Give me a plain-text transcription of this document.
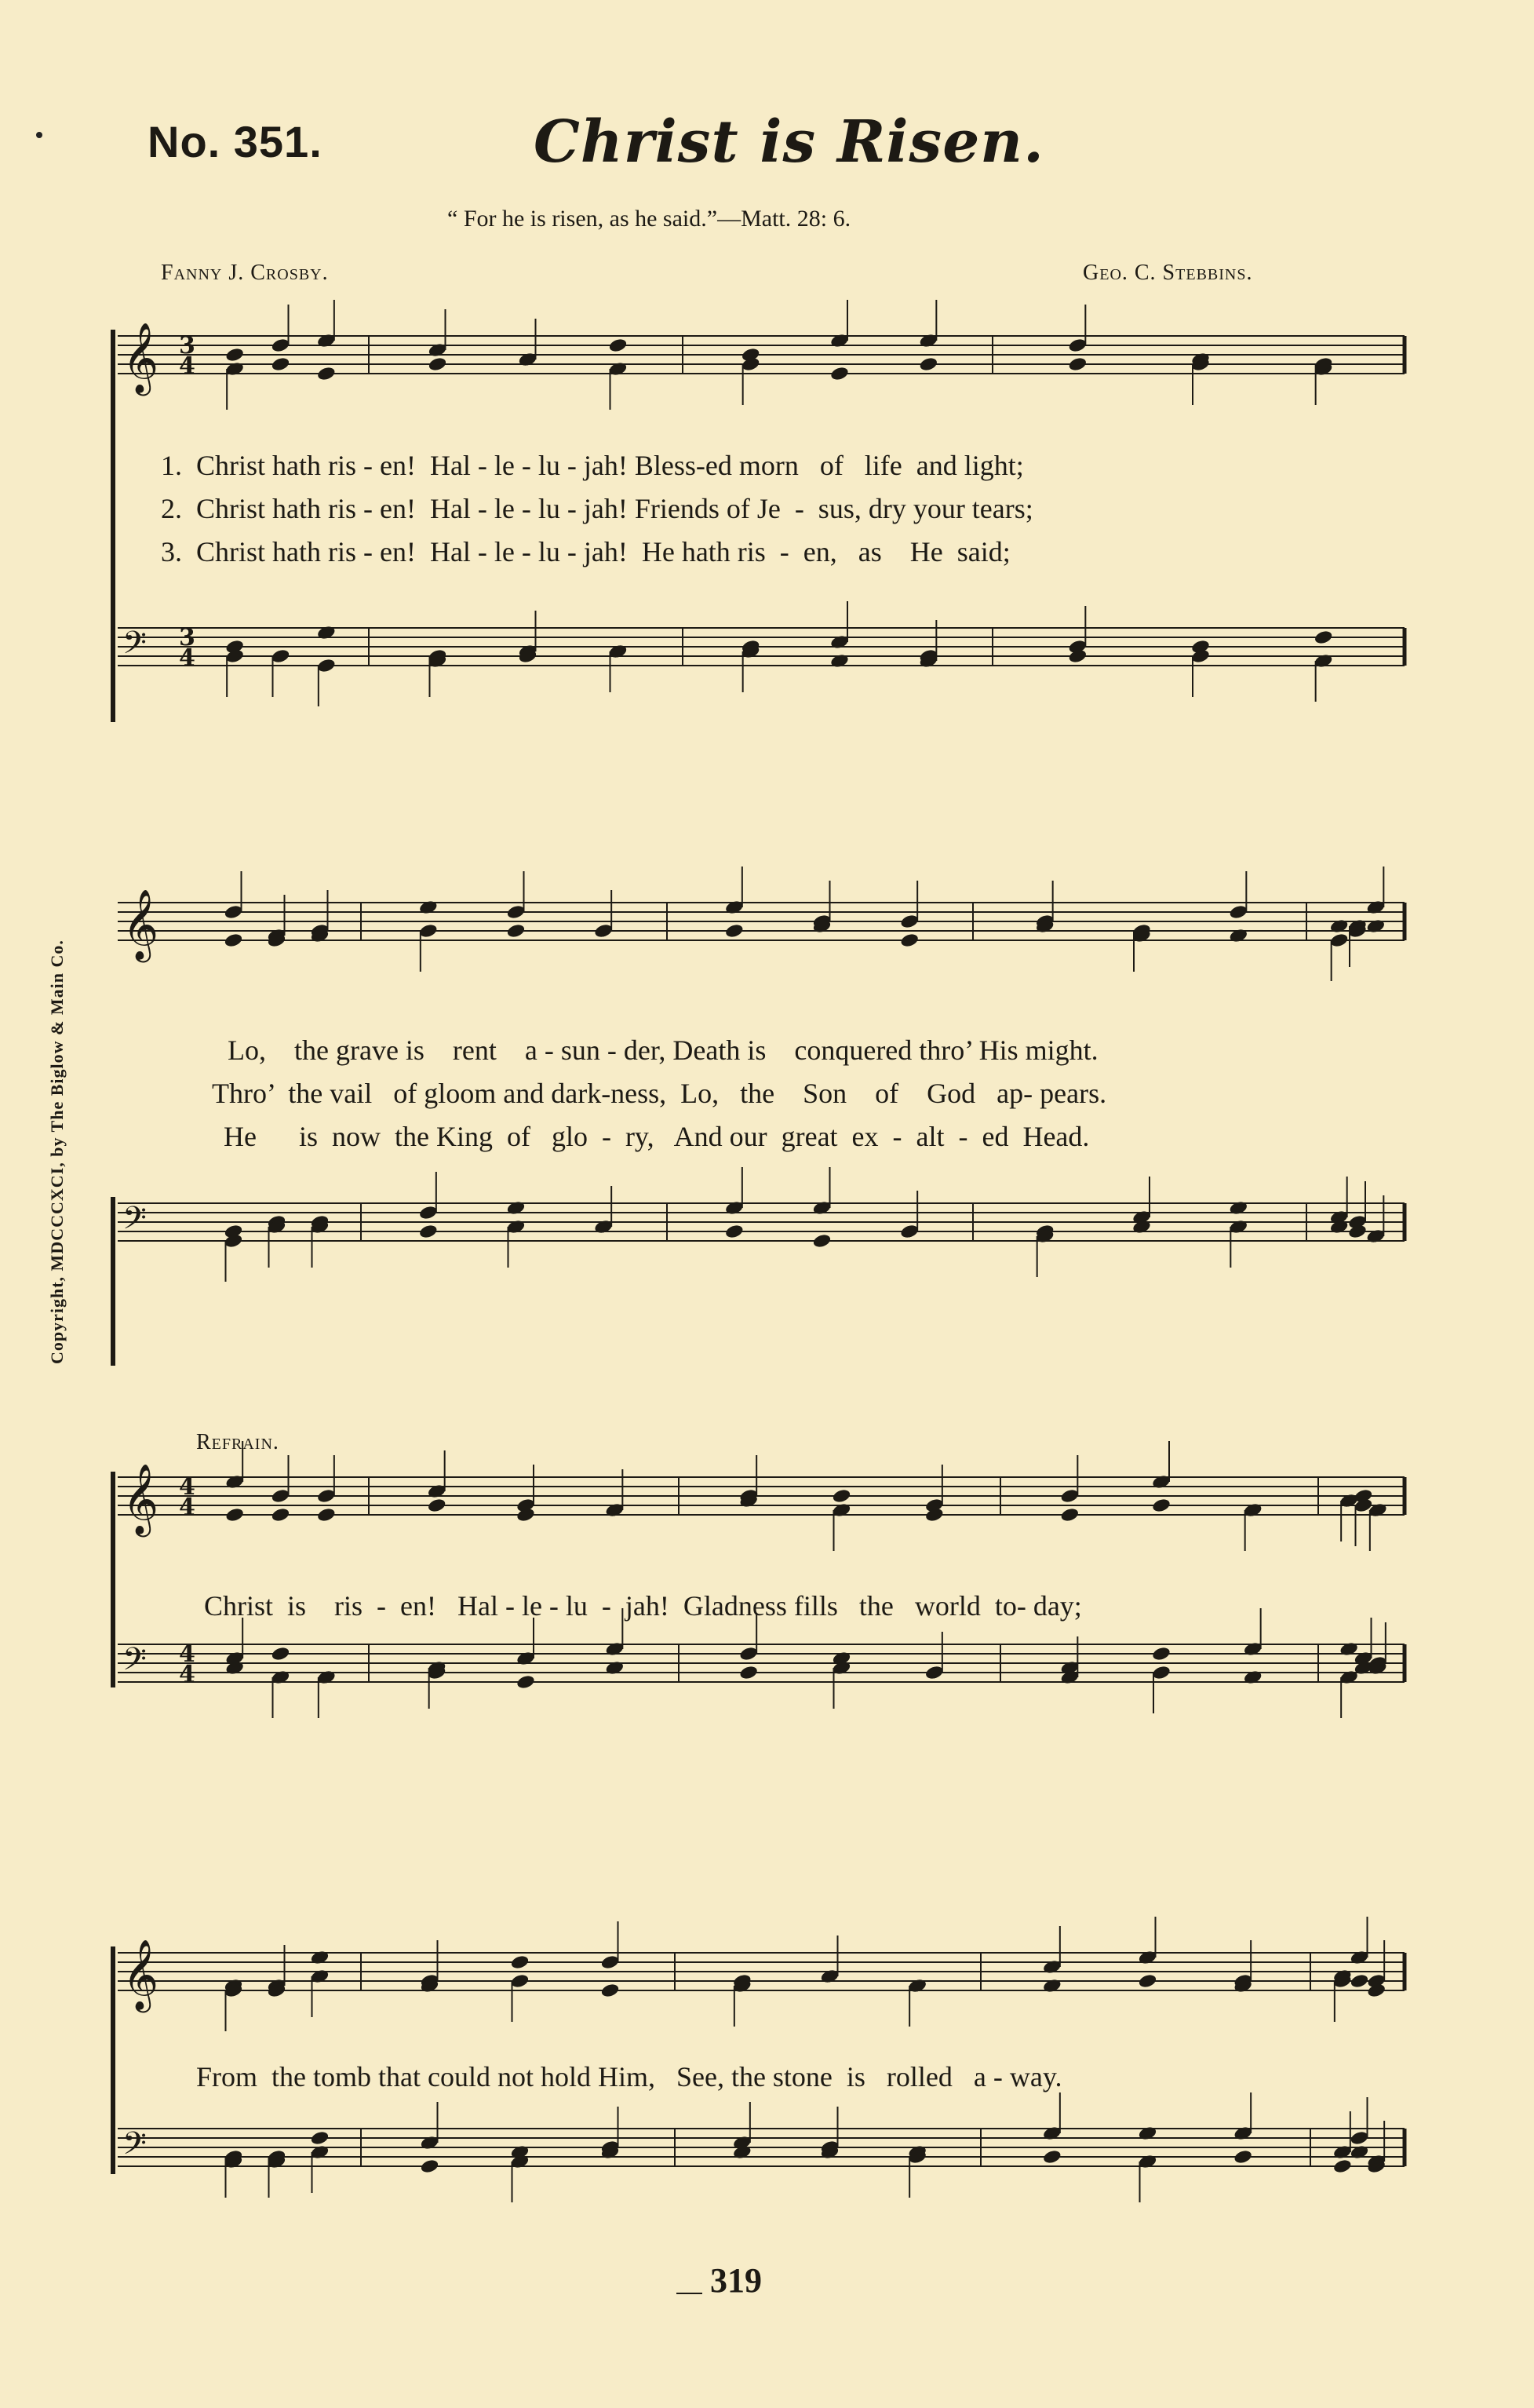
No. 351.	Christ is Risen.
“ For he is risen, as he said.”—Matt. 28: 6.
Fanny J. Crosby.	Geo. C. Stebbins.
Copyright, MDCCCXCI, by The Biglow & Main Co.
𝄞
𝄢
𝄞
𝄢
𝄞
𝄢
𝄞
𝄢
3
4
3
4
4
4
4
4
1.  Christ hath ris - en!  Hal - le - lu - jah! Bless-ed morn   of   life  and light;
2.  Christ hath ris - en!  Hal - le - lu - jah! Friends of Je  -  sus, dry your tears;
3.  Christ hath ris - en!  Hal - le - lu - jah!  He hath ris  -  en,   as    He  said;
Lo,    the grave is    rent    a - sun - der, Death is    conquered thro’ His might.
Thro’  the vail   of gloom and dark-ness,  Lo,   the    Son    of    God   ap- pears.
He      is  now  the King  of   glo  -  ry,   And our  great  ex  -  alt  -  ed  Head.
Refrain.
Christ  is    ris  -  en!   Hal - le - lu  -  jah!  Gladness fills   the   world  to- day;
From  the tomb that could not hold Him,   See, the stone  is   rolled   a - way.
319
